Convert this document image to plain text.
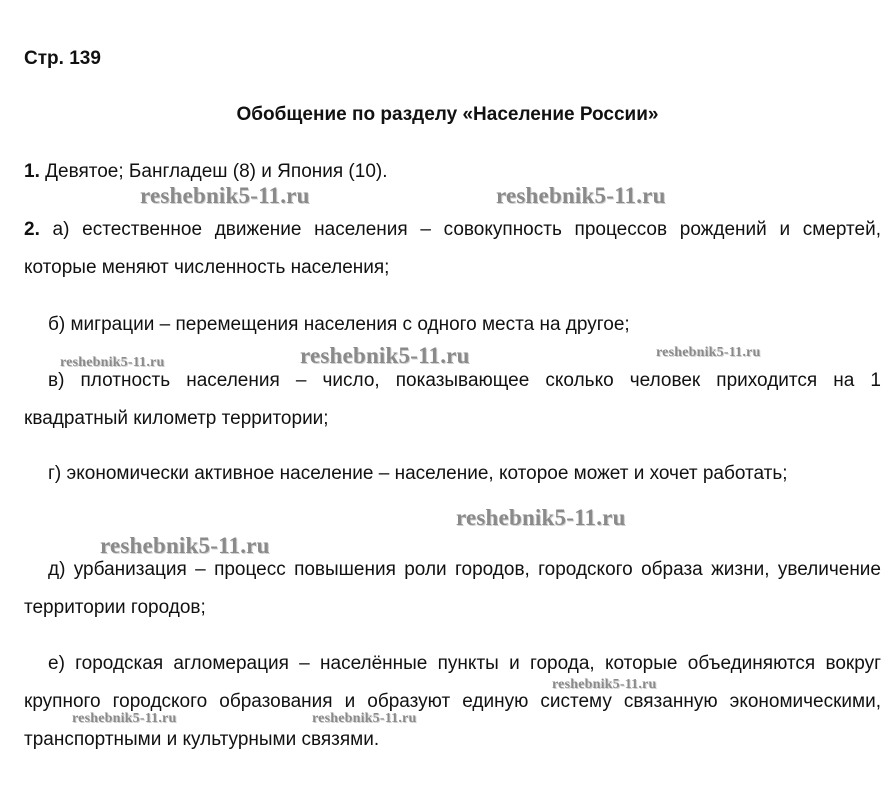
Стр. 139
Обобщение по разделу «Население России»
1. Девятое; Бангладеш (8) и Япония (10).
2. а) естественное движение населения – совокупность процессов рождений и смертей, которые меняют численность населения;
б) миграции – перемещения населения с одного места на другое;
в) плотность населения – число, показывающее сколько человек приходится на 1 квадратный километр территории;
г) экономически активное население – население, которое может и хочет работать;
д) урбанизация – процесс повышения роли городов, городского образа жизни, увеличение территории городов;
е) городская агломерация – населённые пункты и города, которые объединяются вокруг крупного городского образования и образуют единую систему связанную экономическими, транспортными и культурными связями.
reshebnik5-11.ru	reshebnik5-11.ru
reshebnik5-11.ru	reshebnik5-11.ru	reshebnik5-11.ru
reshebnik5-11.ru
reshebnik5-11.ru
reshebnik5-11.ru
reshebnik5-11.ru	reshebnik5-11.ru
